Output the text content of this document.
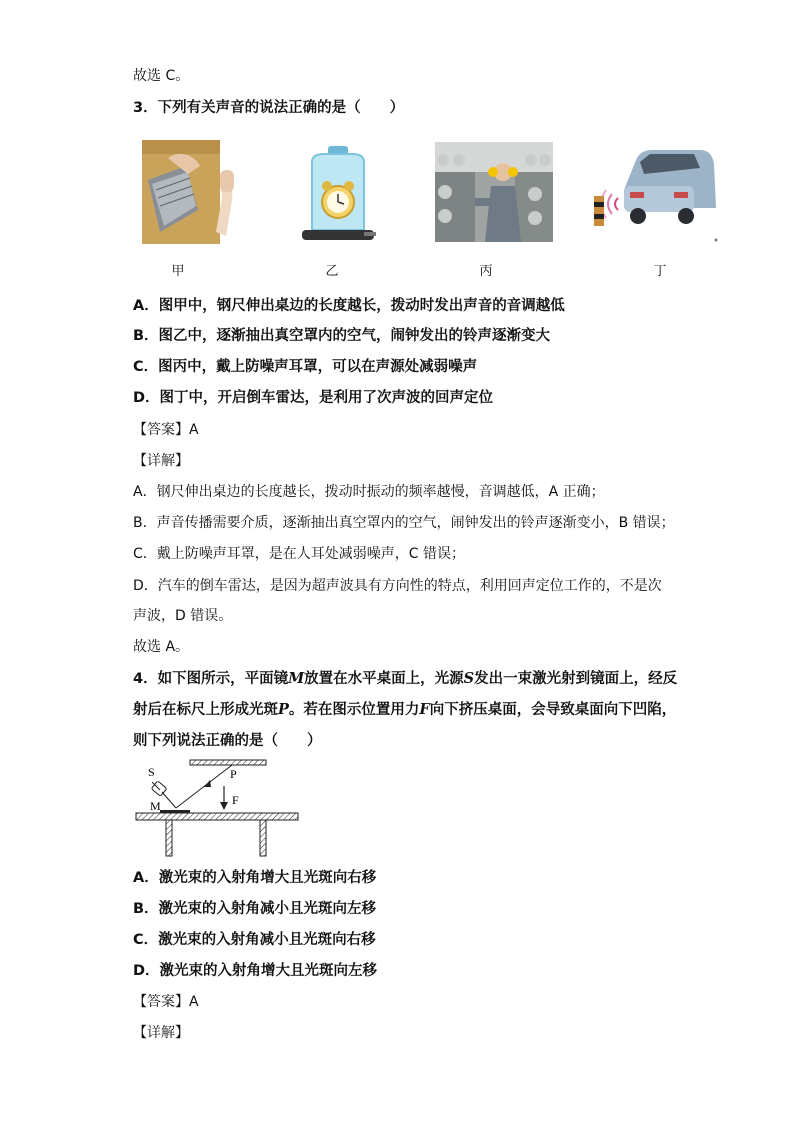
故选 C。
3．下列有关声音的说法正确的是（　　）
甲	乙	丙	丁
A．图甲中，钢尺伸出桌边的长度越长，拨动时发出声音的音调越低
B．图乙中，逐渐抽出真空罩内的空气，闹钟发出的铃声逐渐变大
C．图丙中，戴上防噪声耳罩，可以在声源处减弱噪声
D．图丁中，开启倒车雷达，是利用了次声波的回声定位
【答案】A
【详解】
A．钢尺伸出桌边的长度越长，拨动时振动的频率越慢，音调越低，A 正确；
B．声音传播需要介质，逐渐抽出真空罩内的空气，闹钟发出的铃声逐渐变小，B 错误；
C．戴上防噪声耳罩，是在人耳处减弱噪声，C 错误；
D．汽车的倒车雷达，是因为超声波具有方向性的特点，利用回声定位工作的，不是次
声波，D 错误。
故选 A。
4．如下图所示，平面镜M放置在水平桌面上，光源S发出一束激光射到镜面上，经反
射后在标尺上形成光斑P。若在图示位置用力F向下挤压桌面，会导致桌面向下凹陷，
则下列说法正确的是（　　）
S	P
M	F
A．激光束的入射角增大且光斑向右移
B．激光束的入射角减小且光斑向左移
C．激光束的入射角减小且光斑向右移
D．激光束的入射角增大且光斑向左移
【答案】A
【详解】
